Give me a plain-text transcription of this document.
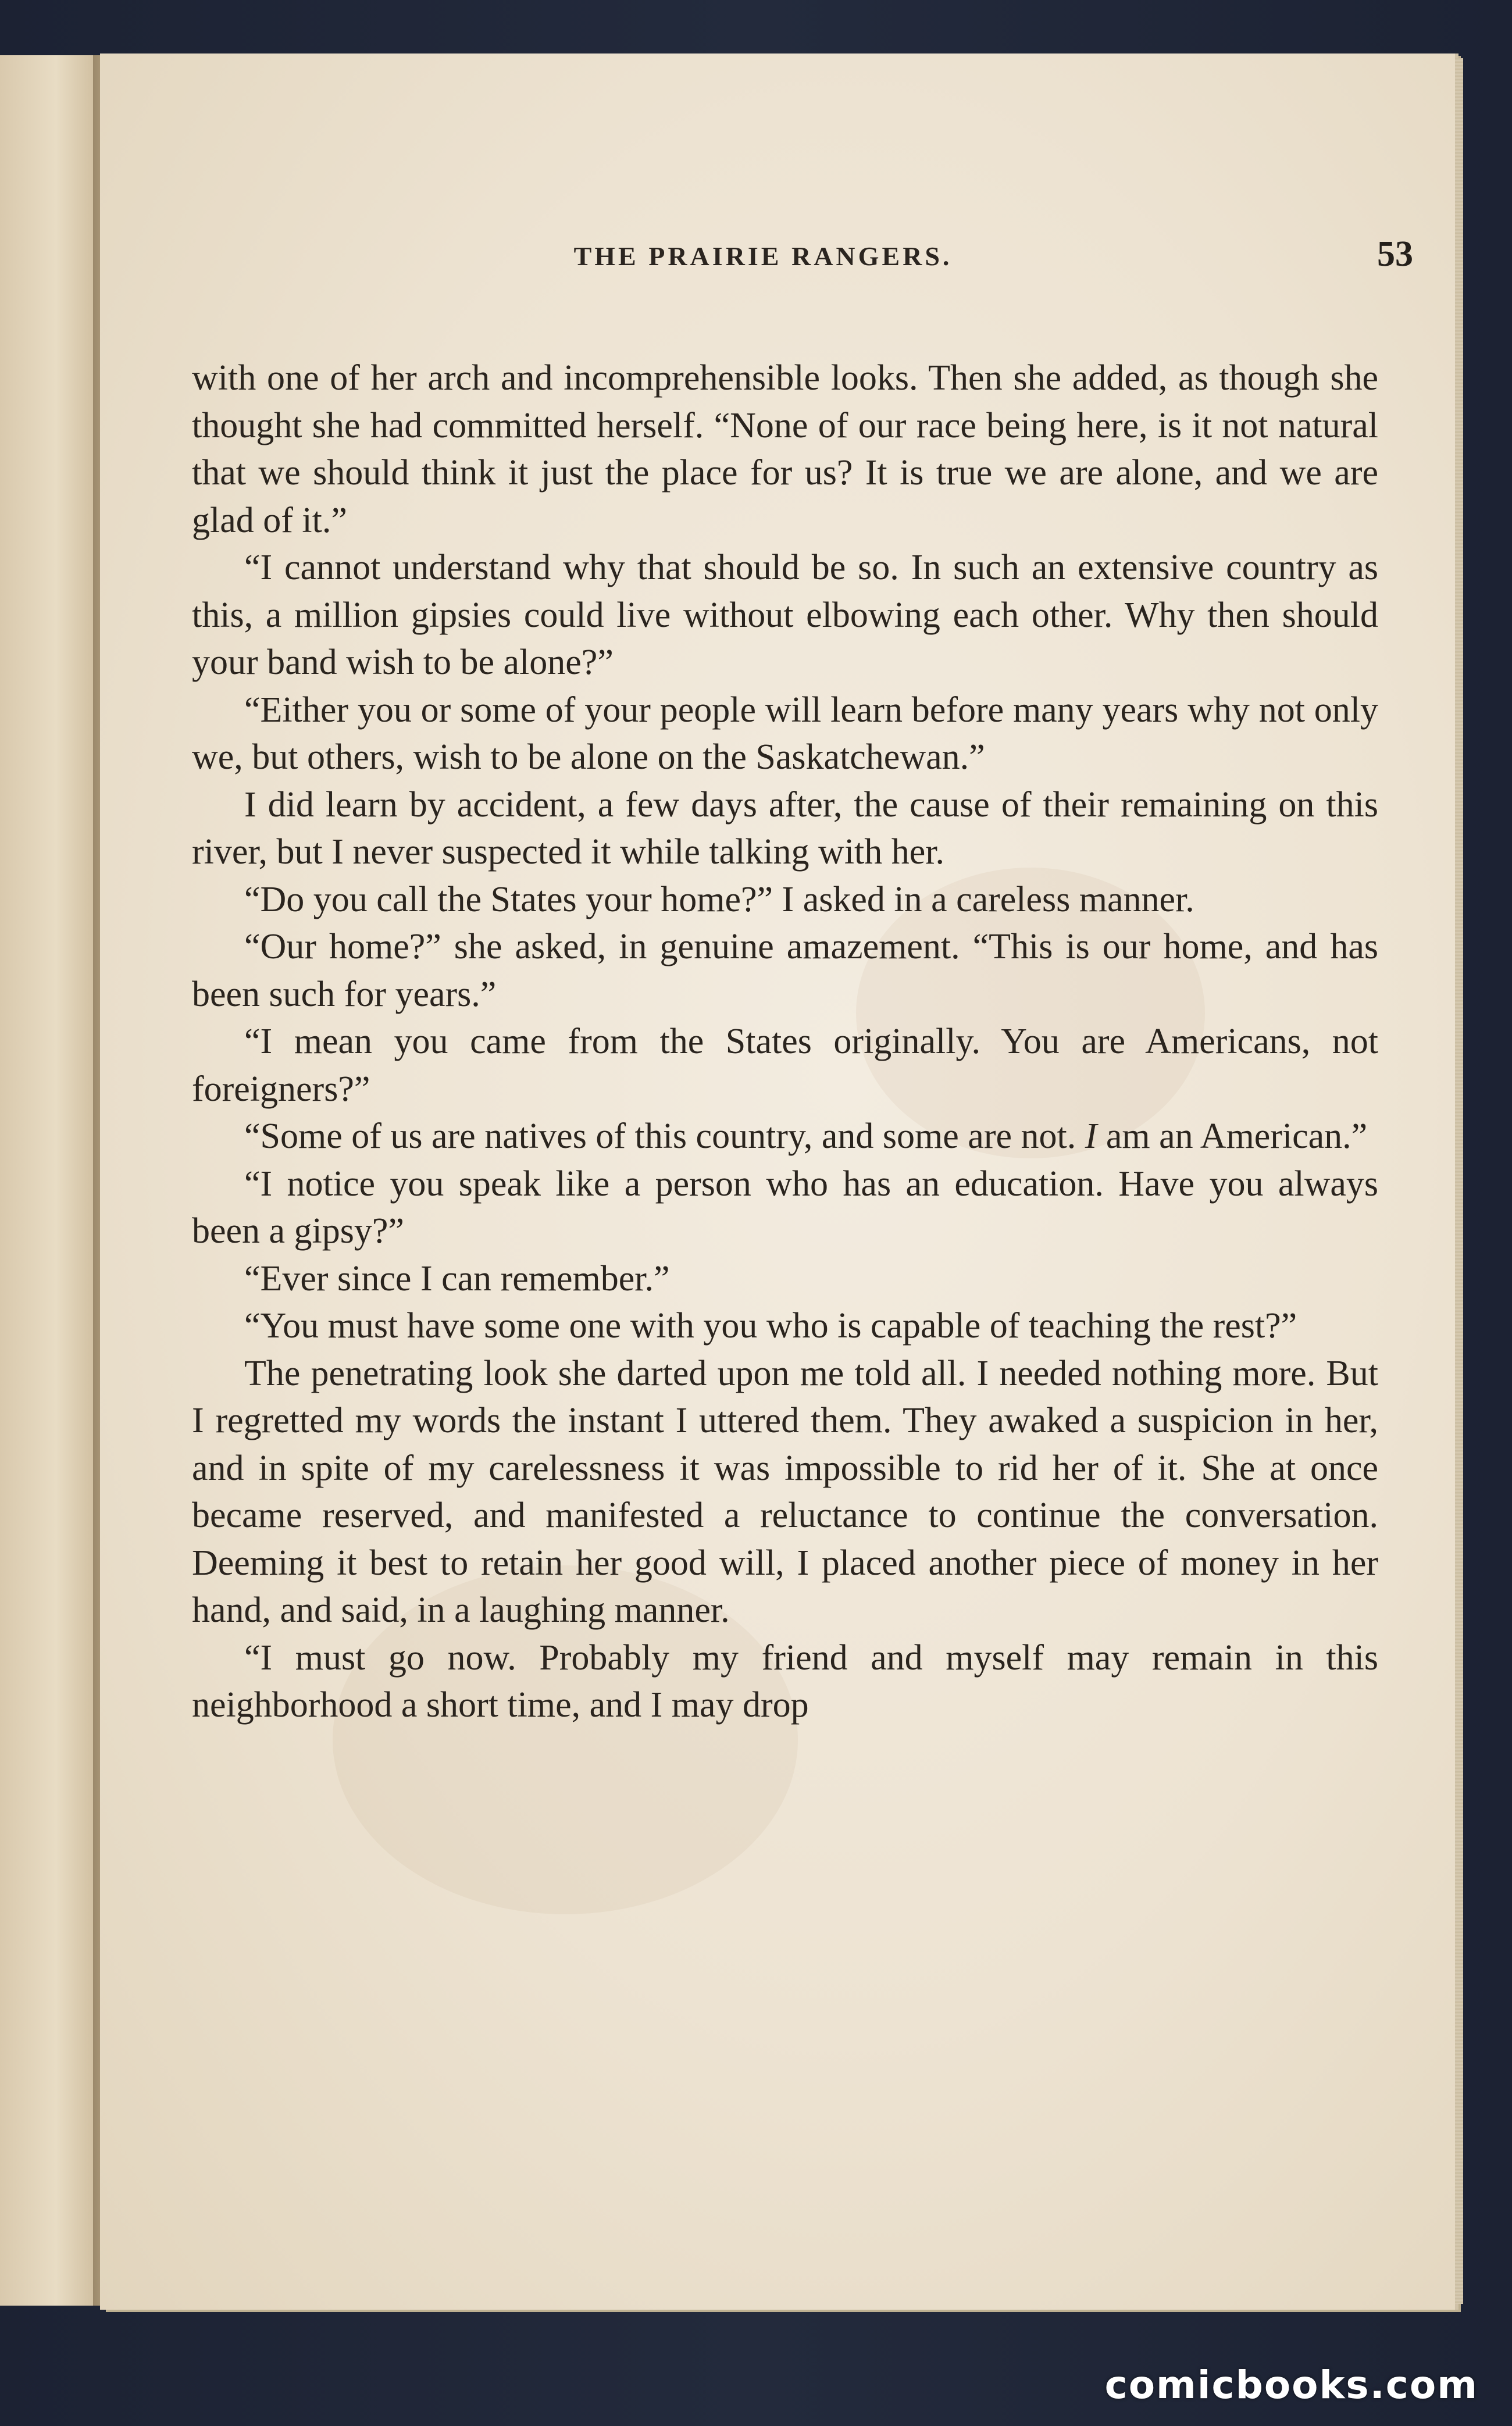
THE PRAIRIE RANGERS.	53

with one of her arch and incomprehensible looks. Then she added, as though she thought she had committed herself. “None of our race being here, is it not natural that we should think it just the place for us? It is true we are alone, and we are glad of it.”

“I cannot understand why that should be so. In such an extensive country as this, a million gipsies could live without elbowing each other. Why then should your band wish to be alone?”

“Either you or some of your people will learn before many years why not only we, but others, wish to be alone on the Saskatchewan.”

I did learn by accident, a few days after, the cause of their remaining on this river, but I never suspected it while talking with her.

“Do you call the States your home?” I asked in a careless manner.

“Our home?” she asked, in genuine amazement. “This is our home, and has been such for years.”

“I mean you came from the States originally. You are Americans, not foreigners?”

“Some of us are natives of this country, and some are not. I am an American.”

“I notice you speak like a person who has an education. Have you always been a gipsy?”

“Ever since I can remember.”

“You must have some one with you who is capable of teaching the rest?”

The penetrating look she darted upon me told all. I needed nothing more. But I regretted my words the instant I uttered them. They awaked a suspicion in her, and in spite of my carelessness it was impossible to rid her of it. She at once became reserved, and manifested a reluctance to continue the conversation. Deeming it best to retain her good will, I placed another piece of money in her hand, and said, in a laughing manner.

“I must go now. Probably my friend and myself may remain in this neighborhood a short time, and I may drop

comicbooks.com
